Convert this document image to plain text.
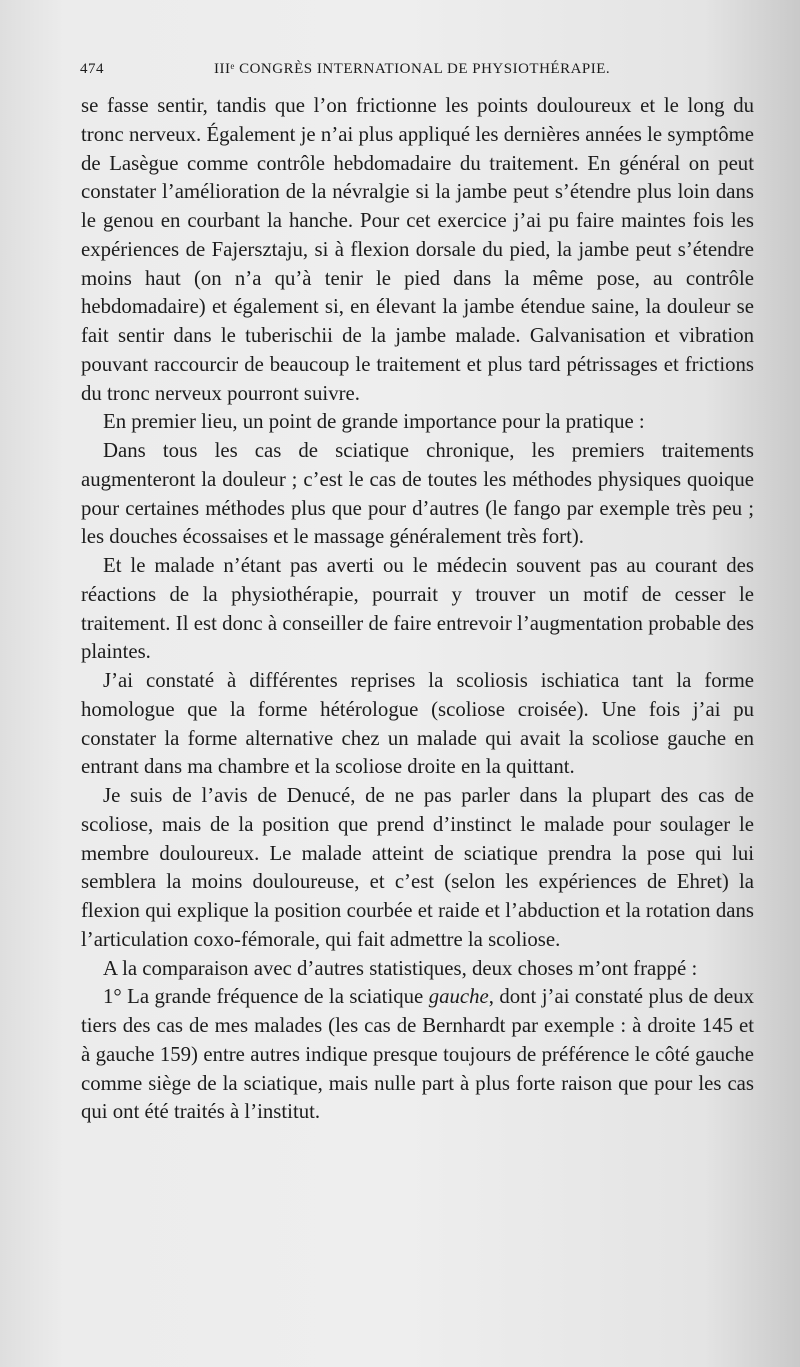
474	IIIᵉ CONGRÈS INTERNATIONAL DE PHYSIOTHÉRAPIE.

se fasse sentir, tandis que l’on frictionne les points douloureux et le long du tronc nerveux. Également je n’ai plus appliqué les dernières années le symptôme de Lasègue comme contrôle hebdomadaire du traitement. En général on peut constater l’amélioration de la névralgie si la jambe peut s’étendre plus loin dans le genou en courbant la hanche. Pour cet exercice j’ai pu faire maintes fois les expériences de Fajersztaju, si à flexion dorsale du pied, la jambe peut s’étendre moins haut (on n’a qu’à tenir le pied dans la même pose, au contrôle hebdomadaire) et également si, en élevant la jambe étendue saine, la douleur se fait sentir dans le tuberischii de la jambe malade. Galvanisation et vibration pouvant raccourcir de beaucoup le traitement et plus tard pétrissages et frictions du tronc nerveux pourront suivre.

En premier lieu, un point de grande importance pour la pratique :

Dans tous les cas de sciatique chronique, les premiers traitements augmenteront la douleur ; c’est le cas de toutes les méthodes physiques quoique pour certaines méthodes plus que pour d’autres (le fango par exemple très peu ; les douches écossaises et le massage généralement très fort).

Et le malade n’étant pas averti ou le médecin souvent pas au courant des réactions de la physiothérapie, pourrait y trouver un motif de cesser le traitement. Il est donc à conseiller de faire entrevoir l’augmentation probable des plaintes.

J’ai constaté à différentes reprises la scoliosis ischiatica tant la forme homologue que la forme hétérologue (scoliose croisée). Une fois j’ai pu constater la forme alternative chez un malade qui avait la scoliose gauche en entrant dans ma chambre et la scoliose droite en la quittant.

Je suis de l’avis de Denucé, de ne pas parler dans la plupart des cas de scoliose, mais de la position que prend d’instinct le malade pour soulager le membre douloureux. Le malade atteint de sciatique prendra la pose qui lui semblera la moins douloureuse, et c’est (selon les expériences de Ehret) la flexion qui explique la position courbée et raide et l’abduction et la rotation dans l’articulation coxo-fémorale, qui fait admettre la scoliose.

A la comparaison avec d’autres statistiques, deux choses m’ont frappé :

1° La grande fréquence de la sciatique gauche, dont j’ai constaté plus de deux tiers des cas de mes malades (les cas de Bernhardt par exemple : à droite 145 et à gauche 159) entre autres indique presque toujours de préférence le côté gauche comme siège de la sciatique, mais nulle part à plus forte raison que pour les cas qui ont été traités à l’institut.
